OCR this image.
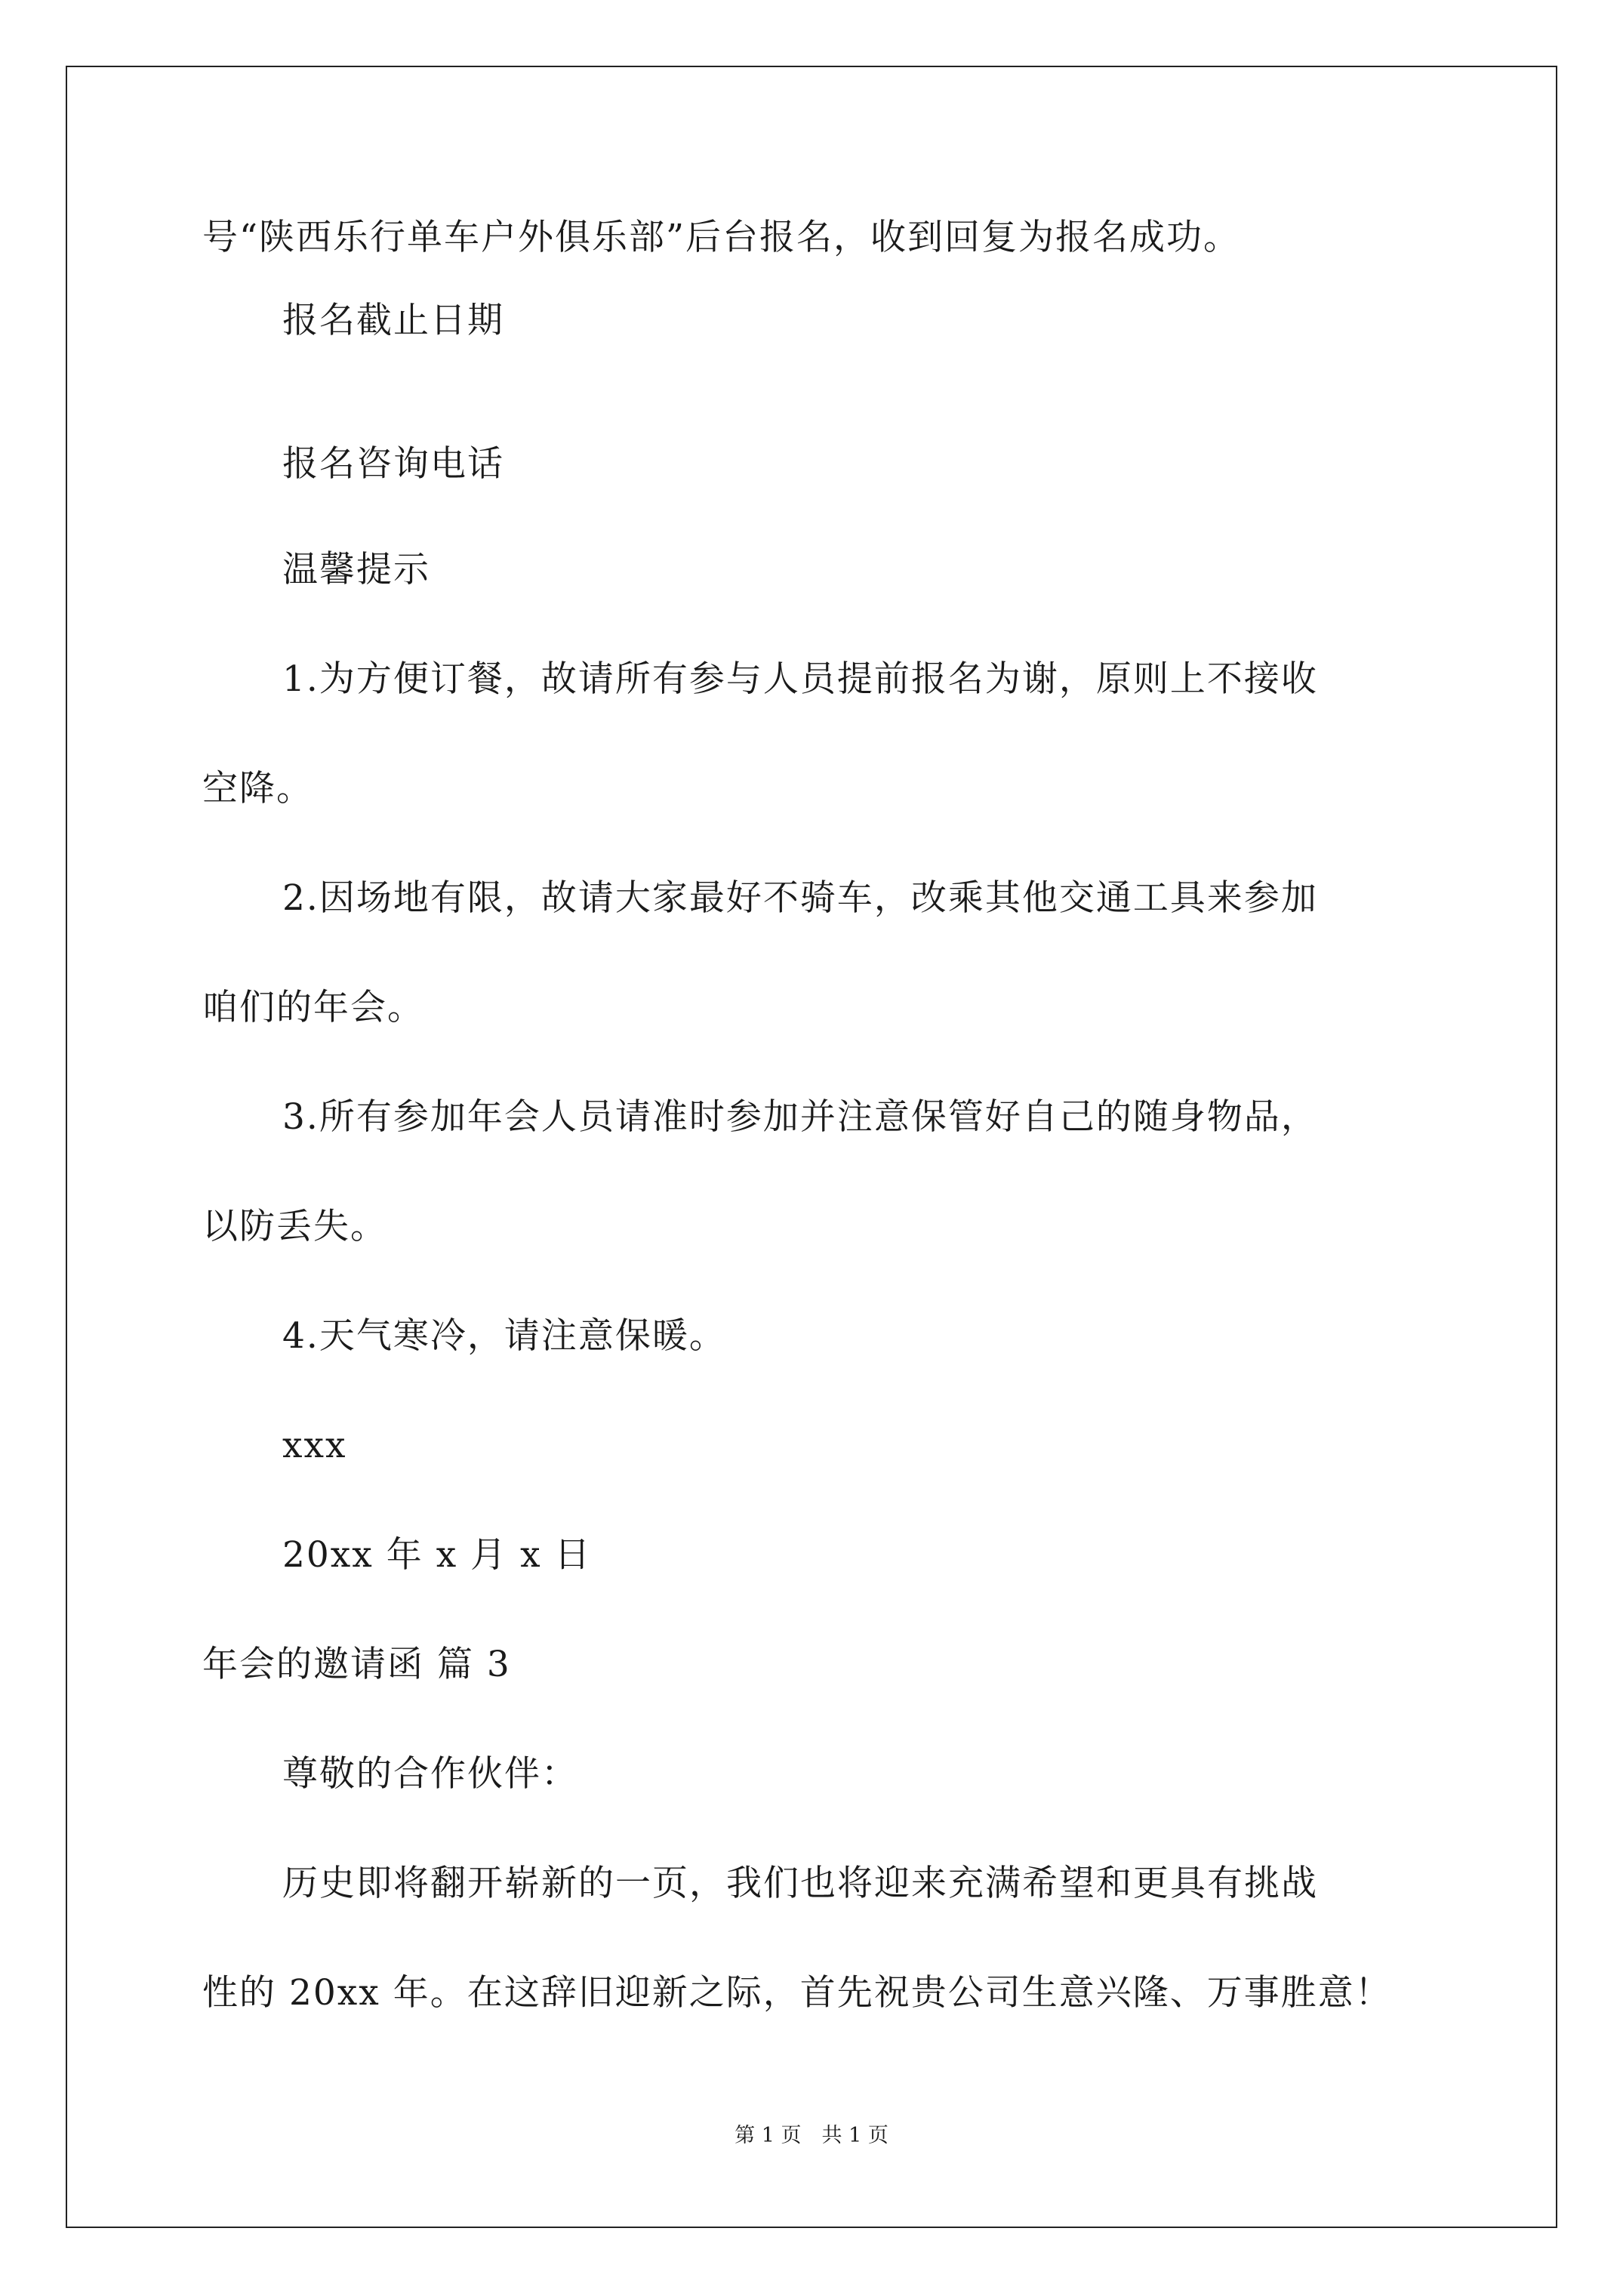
号“陕西乐行单车户外俱乐部”后台报名，收到回复为报名成功。
报名截止日期
报名咨询电话
温馨提示
1.为方便订餐，故请所有参与人员提前报名为谢，原则上不接收
空降。
2.因场地有限，故请大家最好不骑车，改乘其他交通工具来参加
咱们的年会。
3.所有参加年会人员请准时参加并注意保管好自己的随身物品，
以防丢失。
4.天气寒冷，请注意保暖。
xxx
20xx 年 x 月 x 日
年会的邀请函 篇 3
尊敬的合作伙伴：
历史即将翻开崭新的一页，我们也将迎来充满希望和更具有挑战
性的 20xx 年。在这辞旧迎新之际，首先祝贵公司生意兴隆、万事胜意！
第 1 页　共 1 页
